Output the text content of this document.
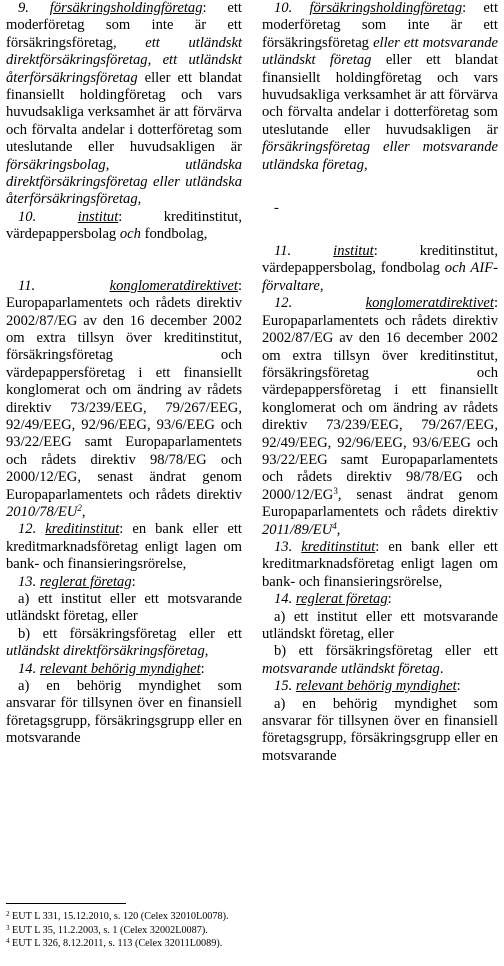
9. försäkringsholdingföretag: ett moderföretag som inte är ett försäkringsföretag, ett utländskt direktförsäkringsföretag, ett utländskt återförsäkringsföretag eller ett blandat finansiellt holdingföretag och vars huvudsakliga verksamhet är att förvärva och förvalta andelar i dotterföretag som uteslutande eller huvudsakligen är försäkringsbolag, utländska direktförsäkringsföretag eller utländska återförsäkringsföretag,

10.	institut: kreditinstitut, värdepappersbolag och fondbolag,

11.	konglomeratdirektivet: Europaparlamentets och rådets direktiv 2002/87/EG av den 16 december 2002 om extra tillsyn över kreditinstitut, försäkringsföretag och värdepappersföretag i ett finansiellt konglomerat och om ändring av rådets direktiv 73/239/EEG, 79/267/EEG, 92/49/EEG, 92/96/EEG, 93/6/EEG och 93/22/EEG samt Europaparlamentets och rådets direktiv 98/78/EG och 2000/12/EG, senast ändrat genom Europaparlamentets och rådets direktiv $2010/78/EU^2$,

12. kreditinstitut: en bank eller ett kreditmarknadsföretag enligt lagen om bank- och finansieringsrörelse,

13. reglerat företag:

a) ett institut eller ett motsvarande utländskt företag, eller

b) ett försäkringsföretag eller ett utländskt direktförsäkringsföretag,

14. relevant behörig myndighet:

a) en behörig myndighet som ansvarar för tillsynen över en finansiell företagsgrupp, försäkringsgrupp eller en motsvarande

10. försäkringsholdingföretag: ett moderföretag som inte är ett försäkringsföretag eller ett motsvarande utländskt företag eller ett blandat finansiellt holdingföretag och vars huvudsakliga verksamhet är att förvärva och förvalta andelar i dotterföretag som uteslutande eller huvudsakligen är försäkringsföretag eller motsvarande utländska företag,

-

11.	institut: kreditinstitut, värdepappersbolag, fondbolag och AIF-förvaltare,

12.	konglomeratdirektivet: Europaparlamentets och rådets direktiv 2002/87/EG av den 16 december 2002 om extra tillsyn över kreditinstitut, försäkringsföretag och värdepappersföretag i ett finansiellt konglomerat och om ändring av rådets direktiv 73/239/EEG, 79/267/EEG, 92/49/EEG, 92/96/EEG, 93/6/EEG och 93/22/EEG samt Europaparlamentets och rådets direktiv 98/78/EG och $2000/12/EG^3$, senast ändrat genom Europaparlamentets och rådets direktiv $2011/89/EU^4$,

13. kreditinstitut: en bank eller ett kreditmarknadsföretag enligt lagen om bank- och finansieringsrörelse,

14. reglerat företag:

a) ett institut eller ett motsvarande utländskt företag, eller

b) ett försäkringsföretag eller ett motsvarande utländskt företag.

15. relevant behörig myndighet:

a) en behörig myndighet som ansvarar för tillsynen över en finansiell företagsgrupp, försäkringsgrupp eller en motsvarande

$^2$ EUT L 331, 15.12.2010, s. 120 (Celex 32010L0078).
$^3$ EUT L 35, 11.2.2003, s. 1 (Celex 32002L0087).
$^4$ EUT L 326, 8.12.2011, s. 113 (Celex 32011L0089).
